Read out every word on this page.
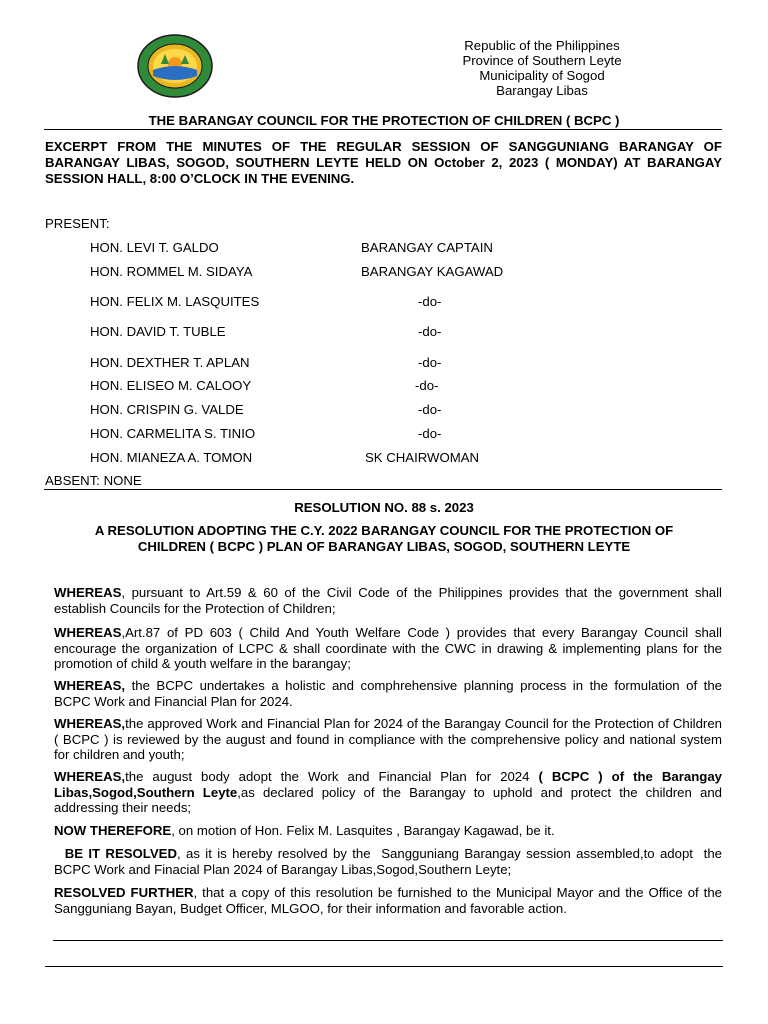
Republic of the Philippines
Province of Southern Leyte
Municipality of Sogod
Barangay Libas
THE BARANGAY COUNCIL FOR THE PROTECTION OF CHILDREN ( BCPC )
EXCERPT FROM THE MINUTES OF THE REGULAR SESSION OF SANGGUNIANG BARANGAY OF BARANGAY LIBAS, SOGOD, SOUTHERN LEYTE HELD ON October 2, 2023 ( MONDAY) AT BARANGAY SESSION HALL, 8:00 O’CLOCK IN THE EVENING.
PRESENT:
HON. LEVI T. GALDO	BARANGAY CAPTAIN
HON. ROMMEL M. SIDAYA	BARANGAY KAGAWAD
HON. FELIX M. LASQUITES	-do-
HON. DAVID T. TUBLE	-do-
HON. DEXTHER T. APLAN	-do-
HON. ELISEO M. CALOOY	-do-
HON. CRISPIN G. VALDE	-do-
HON. CARMELITA S. TINIO	-do-
HON. MIANEZA A. TOMON	SK CHAIRWOMAN
ABSENT: NONE
RESOLUTION NO. 88 s. 2023
A RESOLUTION ADOPTING THE C.Y. 2022 BARANGAY COUNCIL FOR THE PROTECTION OF CHILDREN ( BCPC ) PLAN OF BARANGAY LIBAS, SOGOD, SOUTHERN LEYTE
WHEREAS, pursuant to Art.59 & 60 of the Civil Code of the Philippines provides that the government shall establish Councils for the Protection of Children;
WHEREAS,Art.87 of PD 603 ( Child And Youth Welfare Code ) provides that every Barangay Council shall encourage the organization of LCPC & shall coordinate with the CWC in drawing & implementing plans for the promotion of child & youth welfare in the barangay;
WHEREAS, the BCPC undertakes a holistic and comphrehensive planning process in the formulation of the BCPC Work and Financial Plan for 2024.
WHEREAS,the approved Work and Financial Plan for 2024 of the Barangay Council for the Protection of Children ( BCPC ) is reviewed by the august and found in compliance with the comprehensive policy and national system for children and youth;
WHEREAS,the august body adopt the Work and Financial Plan for 2024 ( BCPC ) of the Barangay Libas,Sogod,Southern Leyte,as declared policy of the Barangay to uphold and protect the children and addressing their needs;
NOW THEREFORE, on motion of Hon. Felix M. Lasquites , Barangay Kagawad, be it.
BE IT RESOLVED, as it is hereby resolved by the  Sangguniang Barangay session assembled,to adopt  the BCPC Work and Finacial Plan 2024 of Barangay Libas,Sogod,Southern Leyte;
RESOLVED FURTHER, that a copy of this resolution be furnished to the Municipal Mayor and the Office of the Sangguniang Bayan, Budget Officer, MLGOO, for their information and favorable action.
